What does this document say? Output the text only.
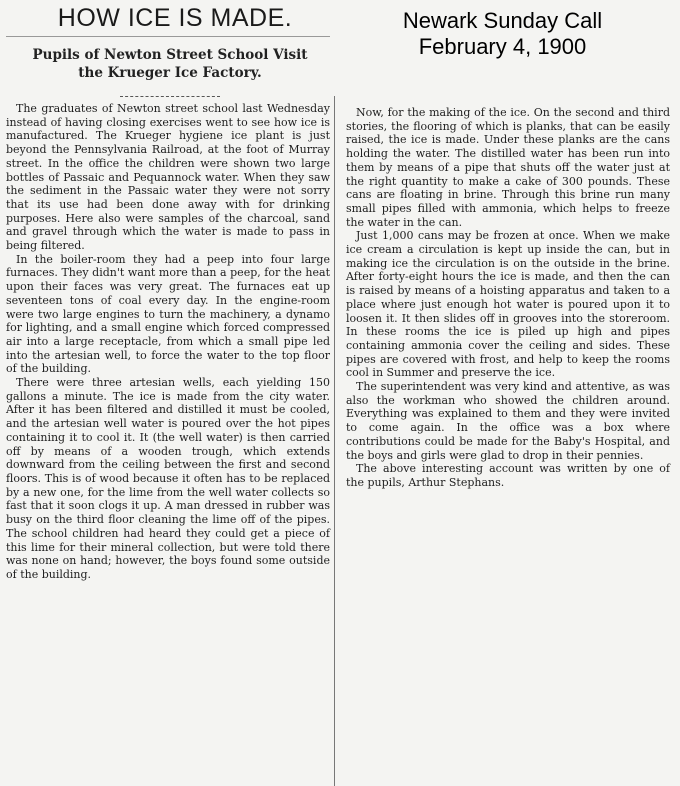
HOW ICE IS MADE.	Newark Sunday Call
February 4, 1900
Pupils of Newton Street School Visit
the Krueger Ice Factory.

The graduates of Newton street school last Wednesday instead of having closing exercises went to see how ice is manufactured. The Krueger hygiene ice plant is just beyond the Pennsylvania Railroad, at the foot of Murray street. In the office the children were shown two large bottles of Passaic and Pequannock water. When they saw the sediment in the Passaic water they were not sorry that its use had been done away with for drinking purposes. Here also were samples of the charcoal, sand and gravel through which the water is made to pass in being filtered.

In the boiler-room they had a peep into four large furnaces. They didn't want more than a peep, for the heat upon their faces was very great. The furnaces eat up seventeen tons of coal every day. In the engine-room were two large engines to turn the machinery, a dynamo for lighting, and a small engine which forced compressed air into a large receptacle, from which a small pipe led into the artesian well, to force the water to the top floor of the building.

There were three artesian wells, each yielding 150 gallons a minute. The ice is made from the city water. After it has been filtered and distilled it must be cooled, and the artesian well water is poured over the hot pipes containing it to cool it. It (the well water) is then carried off by means of a wooden trough, which extends downward from the ceiling between the first and second floors. This is of wood because it often has to be replaced by a new one, for the lime from the well water collects so fast that it soon clogs it up. A man dressed in rubber was busy on the third floor cleaning the lime off of the pipes. The school children had heard they could get a piece of this lime for their mineral collection, but were told there was none on hand; however, the boys found some outside of the building.

Now, for the making of the ice. On the second and third stories, the flooring of which is planks, that can be easily raised, the ice is made. Under these planks are the cans holding the water. The distilled water has been run into them by means of a pipe that shuts off the water just at the right quantity to make a cake of 300 pounds. These cans are floating in brine. Through this brine run many small pipes filled with ammonia, which helps to freeze the water in the can.

Just 1,000 cans may be frozen at once. When we make ice cream a circulation is kept up inside the can, but in making ice the circulation is on the outside in the brine. After forty-eight hours the ice is made, and then the can is raised by means of a hoisting apparatus and taken to a place where just enough hot water is poured upon it to loosen it. It then slides off in grooves into the storeroom. In these rooms the ice is piled up high and pipes containing ammonia cover the ceiling and sides. These pipes are covered with frost, and help to keep the rooms cool in Summer and preserve the ice.

The superintendent was very kind and attentive, as was also the workman who showed the children around. Everything was explained to them and they were invited to come again. In the office was a box where contributions could be made for the Baby's Hospital, and the boys and girls were glad to drop in their pennies.

The above interesting account was written by one of the pupils, Arthur Stephans.
